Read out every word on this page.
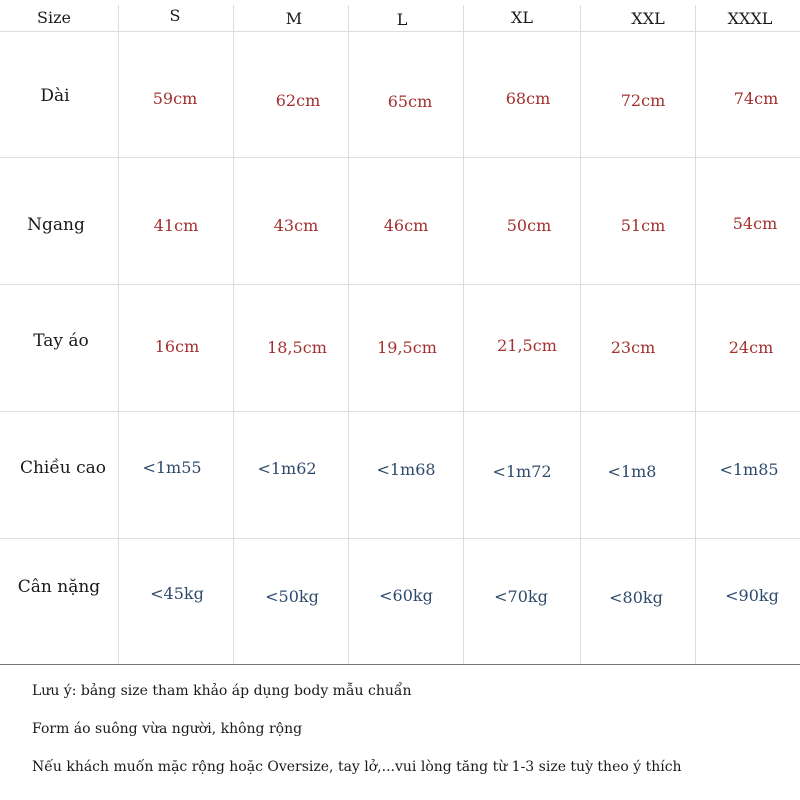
Size	S	M	L	XL	XXL	XXXL
Dài	59cm	62cm	65cm	68cm	72cm	74cm
Ngang	41cm	43cm	46cm	50cm	51cm	54cm
Tay áo	16cm	18,5cm	19,5cm	21,5cm	23cm	24cm
Chiều cao	<1m55	<1m62	<1m68	<1m72	<1m8	<1m85
Cân nặng	<45kg	<50kg	<60kg	<70kg	<80kg	<90kg

Lưu ý: bảng size tham khảo áp dụng body mẫu chuẩn

Form áo suông vừa người, không rộng

Nếu khách muốn mặc rộng hoặc Oversize, tay lở,...vui lòng tăng từ 1-3 size tuỳ theo ý thích
